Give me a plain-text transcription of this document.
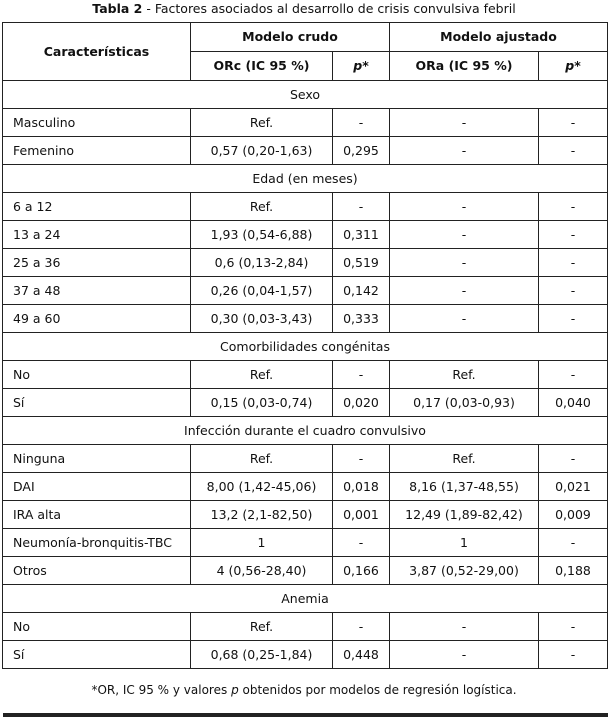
Tabla 2 - Factores asociados al desarrollo de crisis convulsiva febril
Características	Modelo crudo		Modelo ajustado	
	ORc (IC 95 %)	p*	ORa (IC 95 %)	p*
Sexo				
Masculino	Ref.	-	-	-
Femenino	0,57 (0,20-1,63)	0,295	-	-
Edad (en meses)				
6 a 12	Ref.	-	-	-
13 a 24	1,93 (0,54-6,88)	0,311	-	-
25 a 36	0,6 (0,13-2,84)	0,519	-	-
37 a 48	0,26 (0,04-1,57)	0,142	-	-
49 a 60	0,30 (0,03-3,43)	0,333	-	-
Comorbilidades congénitas				
No	Ref.	-	Ref.	-
Sí	0,15 (0,03-0,74)	0,020	0,17 (0,03-0,93)	0,040
Infección durante el cuadro convulsivo				
Ninguna	Ref.	-	Ref.	-
DAI	8,00 (1,42-45,06)	0,018	8,16 (1,37-48,55)	0,021
IRA alta	13,2 (2,1-82,50)	0,001	12,49 (1,89-82,42)	0,009
Neumonía-bronquitis-TBC	1	-	1	-
Otros	4 (0,56-28,40)	0,166	3,87 (0,52-29,00)	0,188
Anemia				
No	Ref.	-	-	-
Sí	0,68 (0,25-1,84)	0,448	-	-
*OR, IC 95 % y valores p obtenidos por modelos de regresión logística.
